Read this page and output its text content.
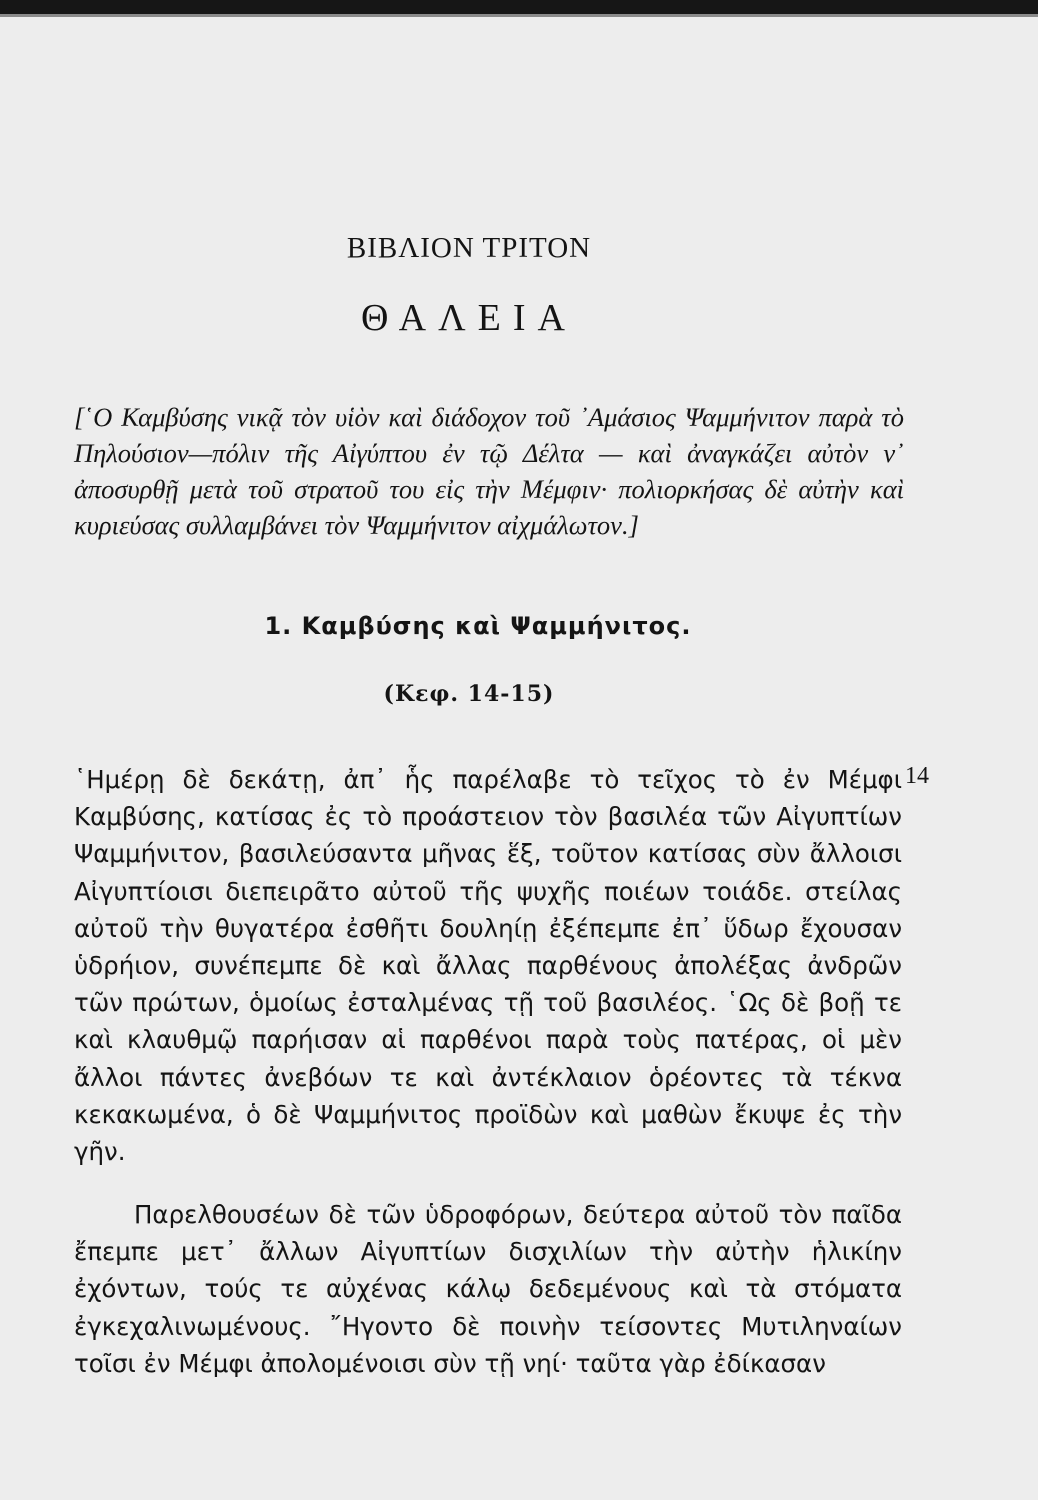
ΒΙΒΛΙΟΝ ΤΡΙΤΟΝ
ΘΑΛΕΙΑ

[῾Ο Καμβύσης νικᾷ τὸν υἱὸν καὶ διάδοχον τοῦ ᾿Αμάσιος Ψαμμήνιτον παρὰ τὸ Πηλούσιον—πόλιν τῆς Αἰγύπτου ἐν τῷ Δέλτα — καὶ ἀναγκάζει αὐτὸν ν᾿ ἀποσυρθῇ μετὰ τοῦ στρατοῦ του εἰς τὴν Μέμφιν· πολιορκήσας δὲ αὐτὴν καὶ κυριεύσας συλλαμβάνει τὸν Ψαμμήνιτον αἰχμάλωτον.]

1. Καμβύσης καὶ Ψαμμήνιτος.
(Κεφ. 14-15)
14

῾Ημέρῃ δὲ δεκάτῃ, ἀπ᾿ ἧς παρέλαβε τὸ τεῖχος τὸ ἐν Μέμφι Καμβύσης, κατίσας ἐς τὸ προάστειον τὸν βασιλέα τῶν Αἰγυπτίων Ψαμμήνιτον, βασιλεύσαντα μῆνας ἕξ, τοῦτον κατίσας σὺν ἄλλοισι Αἰγυπτίοισι διεπειρᾶτο αὐτοῦ τῆς ψυχῆς ποιέων τοιάδε. στείλας αὐτοῦ τὴν θυγατέρα ἐσθῆτι δουληίῃ ἐξέπεμπε ἐπ᾿ ὕδωρ ἔχουσαν ὑδρήιον, συνέπεμπε δὲ καὶ ἄλλας παρθένους ἀπολέξας ἀνδρῶν τῶν πρώτων, ὁμοίως ἐσταλμένας τῇ τοῦ βασιλέος. ῾Ως δὲ βοῇ τε καὶ κλαυθμῷ παρήισαν αἱ παρθένοι παρὰ τοὺς πατέρας, οἱ μὲν ἄλλοι πάντες ἀνεβόων τε καὶ ἀντέκλαιον ὁρέοντες τὰ τέκνα κεκακωμένα, ὁ δὲ Ψαμμήνιτος προϊδὼν καὶ μαθὼν ἔκυψε ἐς τὴν γῆν.

Παρελθουσέων δὲ τῶν ὑδροφόρων, δεύτερα αὐτοῦ τὸν παῖδα ἔπεμπε μετ᾿ ἄλλων Αἰγυπτίων δισχιλίων τὴν αὐτὴν ἡλικίην ἐχόντων, τούς τε αὐχένας κάλῳ δεδεμένους καὶ τὰ στόματα ἐγκεχαλινωμένους. ῎Ηγοντο δὲ ποινὴν τείσοντες Μυτιληναίων τοῖσι ἐν Μέμφι ἀπολομένοισι σὺν τῇ νηί· ταῦτα γὰρ ἐδίκασαν
